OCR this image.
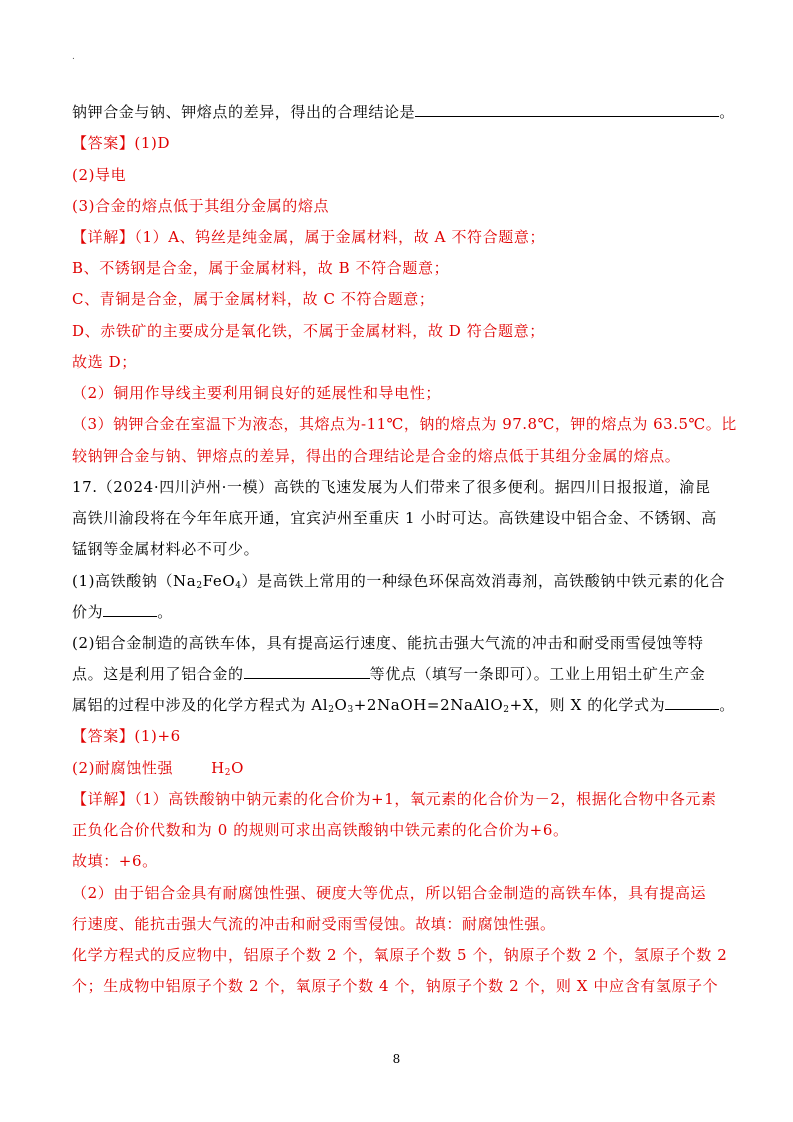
.
钠钾合金与钠、钾熔点的差异，得出的合理结论是	。
【答案】(1)D
(2)导电
(3)合金的熔点低于其组分金属的熔点
【详解】（1）A、钨丝是纯金属，属于金属材料，故 A 不符合题意；
B、不锈钢是合金，属于金属材料，故 B 不符合题意；
C、青铜是合金，属于金属材料，故 C 不符合题意；
D、赤铁矿的主要成分是氧化铁，不属于金属材料，故 D 符合题意；
故选 D；
（2）铜用作导线主要利用铜良好的延展性和导电性；
（3）钠钾合金在室温下为液态，其熔点为-11℃，钠的熔点为 97.8℃，钾的熔点为 63.5℃。比
较钠钾合金与钠、钾熔点的差异，得出的合理结论是合金的熔点低于其组分金属的熔点。
17.（2024·四川泸州·一模）高铁的飞速发展为人们带来了很多便利。据四川日报报道，渝昆
高铁川渝段将在今年年底开通，宜宾泸州至重庆 1 小时可达。高铁建设中铝合金、不锈钢、高
锰钢等金属材料必不可少。
(1)高铁酸钠$(Na_2FeO_4)$是高铁上常用的一种绿色环保高效消毒剂，高铁酸钠中铁元素的化合
价为	。
(2)铝合金制造的高铁车体，具有提高运行速度、能抗击强大气流的冲击和耐受雨雪侵蚀等特
点。这是利用了铝合金的	等优点（填写一条即可）。工业上用铝土矿生产金
属铝的过程中涉及的化学方程式为 $Al_2O_3+2NaOH=2NaAlO_2+X$，则 X 的化学式为	。
【答案】(1)+6
(2)耐腐蚀性强	$H_2O$
【详解】（1）高铁酸钠中钠元素的化合价为+1，氧元素的化合价为－2，根据化合物中各元素
正负化合价代数和为 0 的规则可求出高铁酸钠中铁元素的化合价为+6。
故填：+6。
（2）由于铝合金具有耐腐蚀性强、硬度大等优点，所以铝合金制造的高铁车体，具有提高运
行速度、能抗击强大气流的冲击和耐受雨雪侵蚀。故填：耐腐蚀性强。
化学方程式的反应物中，铝原子个数 2 个，氧原子个数 5 个，钠原子个数 2 个，氢原子个数 2
个；生成物中铝原子个数 2 个，氧原子个数 4 个，钠原子个数 2 个，则 X 中应含有氢原子个
8
